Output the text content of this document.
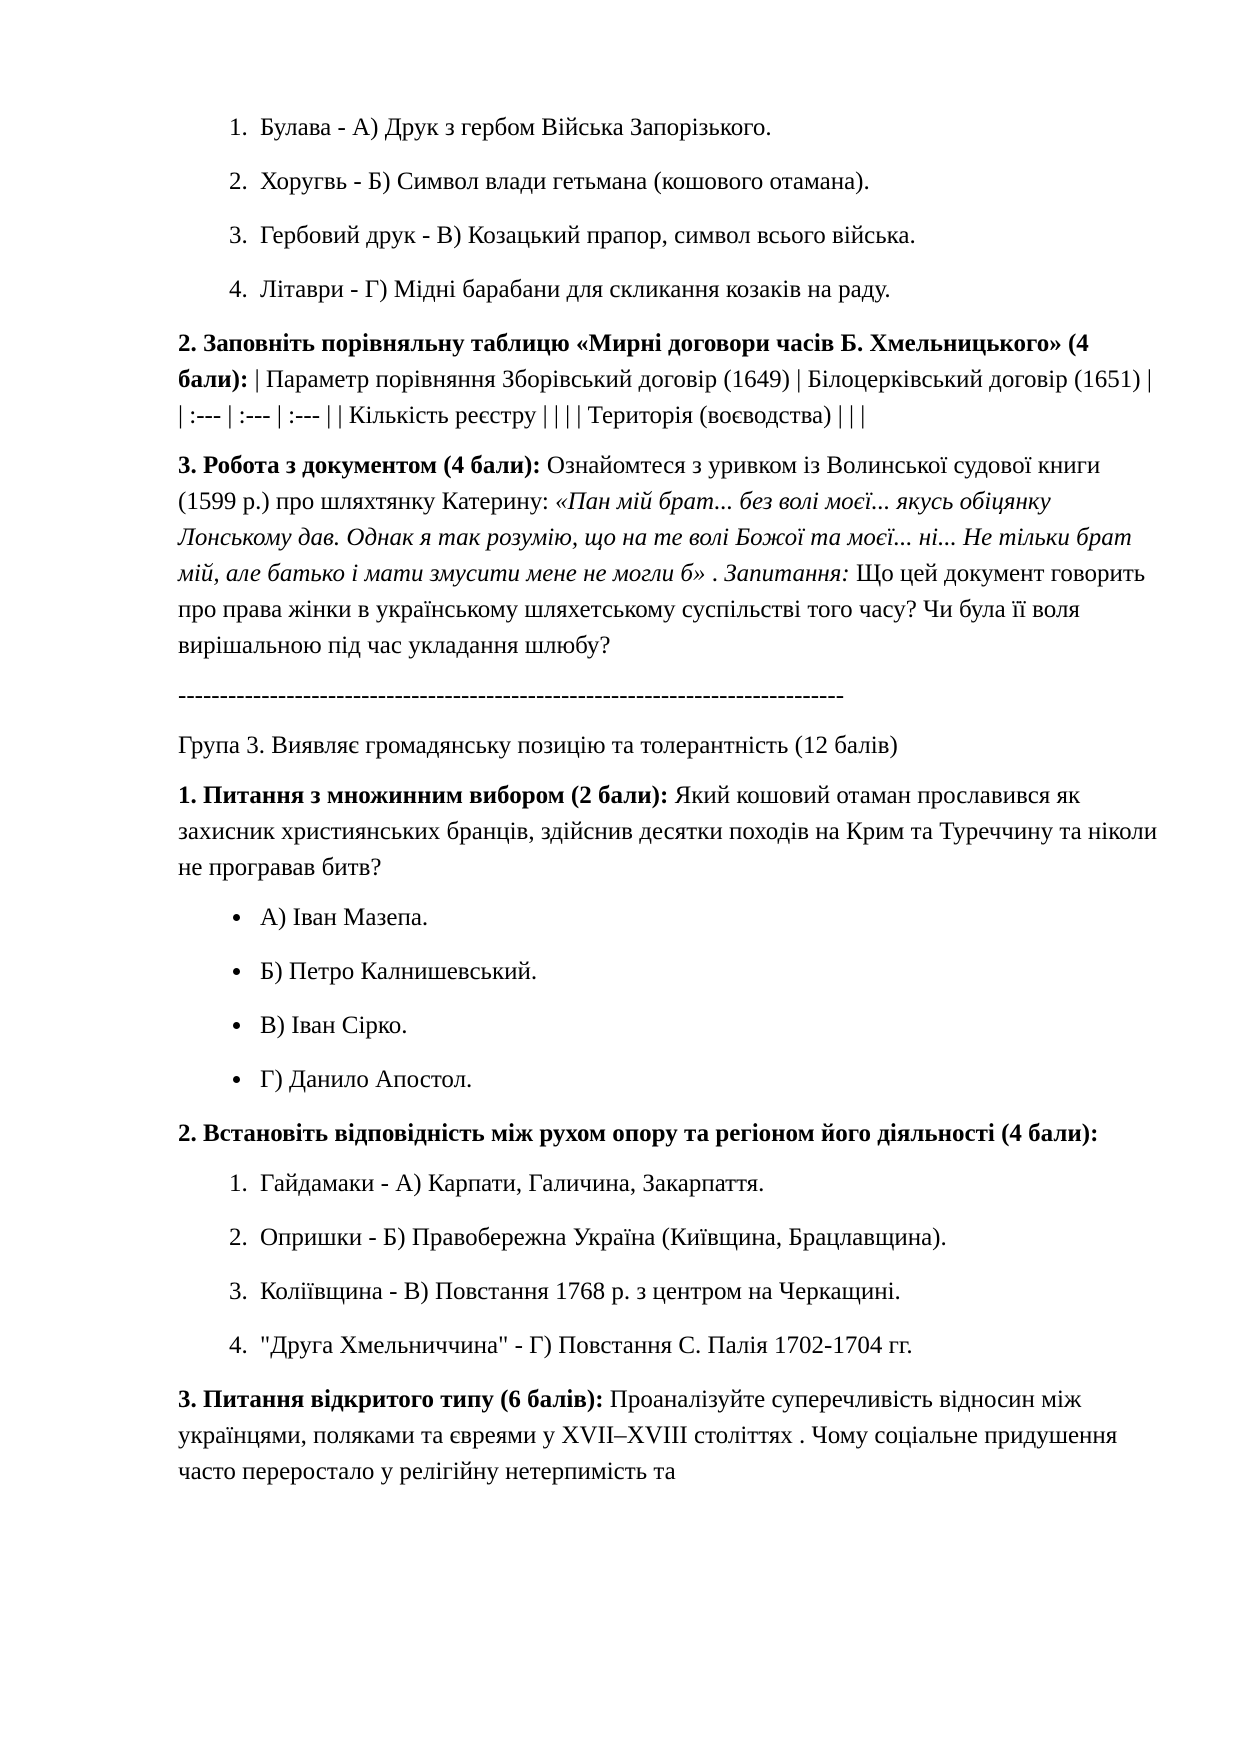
1. Булава - А) Друк з гербом Війська Запорізького.
2. Хоругвь - Б) Символ влади гетьмана (кошового отамана).
3. Гербовий друк - В) Козацький прапор, символ всього війська.
4. Літаври - Г) Мідні барабани для скликання козаків на раду.

2. Заповніть порівняльну таблицю «Мирні договори часів Б. Хмельницького» (4 бали): | Параметр порівняння Зборівський договір (1649) | Білоцерківський договір (1651) | | :--- | :--- | :--- | | Кількість реєстру | | | | Територія (воєводства) | | |

3. Робота з документом (4 бали): Ознайомтеся з уривком із Волинської судової книги (1599 р.) про шляхтянку Катерину: «Пан мій брат... без волі моєї... якусь обіцянку Лонському дав. Однак я так розумію, що на те волі Божої та моєї... ні... Не тільки брат мій, але батько і мати змусити мене не могли б» . Запитання: Що цей документ говорить про права жінки в українському шляхетському суспільстві того часу? Чи була її воля вирішальною під час укладання шлюбу?

--------------------------------------------------------------------------------

Група 3. Виявляє громадянську позицію та толерантність (12 балів)

1. Питання з множинним вибором (2 бали): Який кошовий отаман прославився як захисник християнських бранців, здійснив десятки походів на Крим та Туреччину та ніколи не програвав битв?

• А) Іван Мазепа.
• Б) Петро Калнишевський.
• В) Іван Сірко.
• Г) Данило Апостол.

2. Встановіть відповідність між рухом опору та регіоном його діяльності (4 бали):

1. Гайдамаки - А) Карпати, Галичина, Закарпаття.
2. Опришки - Б) Правобережна Україна (Київщина, Брацлавщина).
3. Коліївщина - В) Повстання 1768 р. з центром на Черкащині.
4. "Друга Хмельниччина" - Г) Повстання С. Палія 1702-1704 гг.

3. Питання відкритого типу (6 балів): Проаналізуйте суперечливість відносин між українцями, поляками та євреями у XVII–XVIII століттях . Чому соціальне придушення часто переростало у релігійну нетерпимість та
